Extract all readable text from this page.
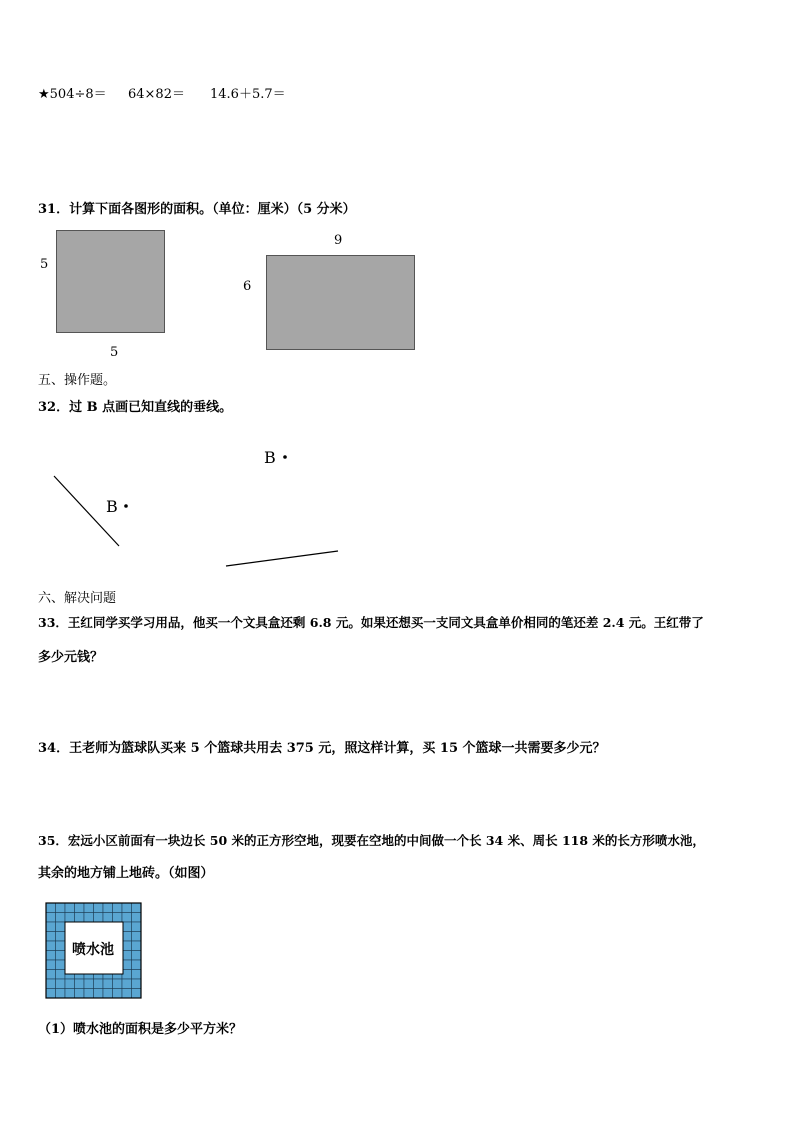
★504÷8＝ 64×82＝ 14.6＋5.7＝
31．计算下面各图形的面积。（单位：厘米）（5 分米）
5
5
9
6
五、操作题。
32．过 B 点画已知直线的垂线。
B
B
六、解决问题
33．王红同学买学习用品，他买一个文具盒还剩 6.8 元。如果还想买一支同文具盒单价相同的笔还差 2.4 元。王红带了
多少元钱？
34．王老师为篮球队买来 5 个篮球共用去 375 元，照这样计算，买 15 个篮球一共需要多少元？
35．宏远小区前面有一块边长 50 米的正方形空地，现要在空地的中间做一个长 34 米、周长 118 米的长方形喷水池，
其余的地方铺上地砖。（如图）
喷水池
（1）喷水池的面积是多少平方米？
